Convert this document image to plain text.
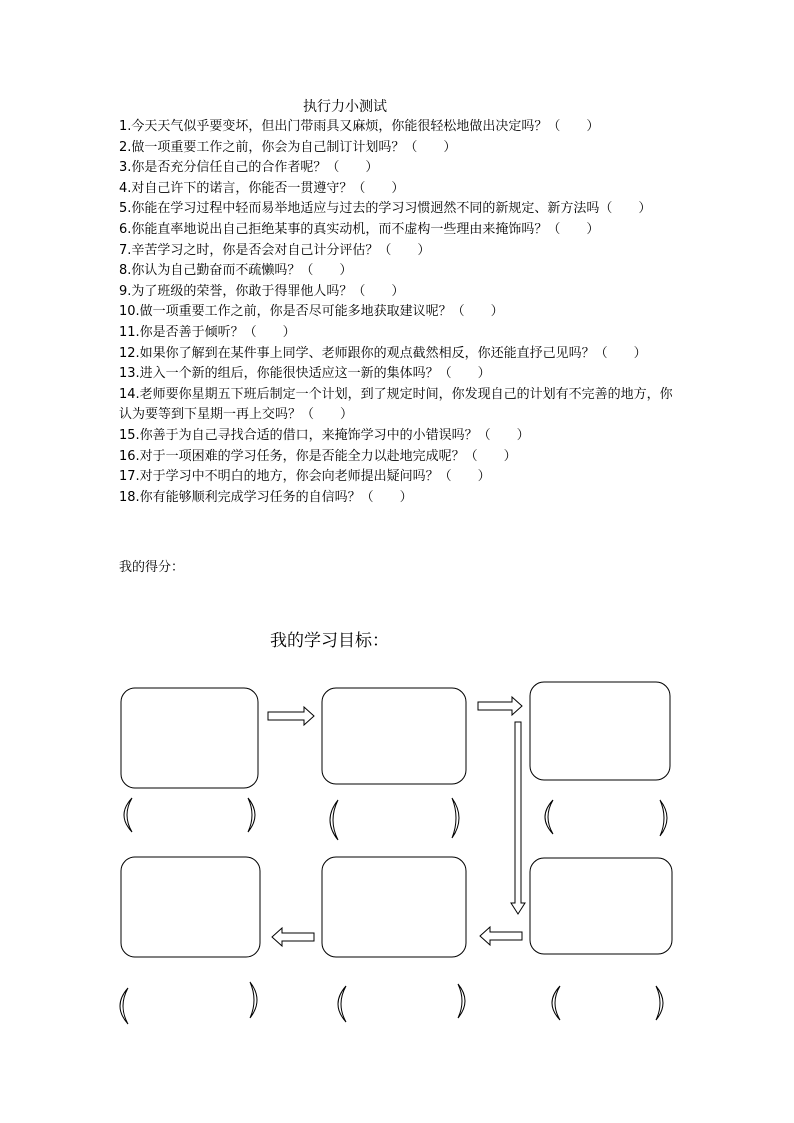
执行力小测试
1.今天天气似乎要变坏，但出门带雨具又麻烦，你能很轻松地做出决定吗？（　　）
2.做一项重要工作之前，你会为自己制订计划吗？（　　）
3.你是否充分信任自己的合作者呢？（　　）
4.对自己许下的诺言，你能否一贯遵守？（　　）
5.你能在学习过程中轻而易举地适应与过去的学习习惯迥然不同的新规定、新方法吗（　　）
6.你能直率地说出自己拒绝某事的真实动机，而不虚构一些理由来掩饰吗？（　　）
7.辛苦学习之时，你是否会对自己计分评估？（　　）
8.你认为自己勤奋而不疏懒吗？（　　）
9.为了班级的荣誉，你敢于得罪他人吗？（　　）
10.做一项重要工作之前，你是否尽可能多地获取建议呢？（　　）
11.你是否善于倾听？（　　）
12.如果你了解到在某件事上同学、老师跟你的观点截然相反，你还能直抒己见吗？（　　）
13.进入一个新的组后，你能很快适应这一新的集体吗？（　　）
14.老师要你星期五下班后制定一个计划，到了规定时间，你发现自己的计划有不完善的地方，你认为要等到下星期一再上交吗？（　　）
15.你善于为自己寻找合适的借口，来掩饰学习中的小错误吗？（　　）
16.对于一项困难的学习任务，你是否能全力以赴地完成呢？（　　）
17.对于学习中不明白的地方，你会向老师提出疑问吗？（　　）
18.你有能够顺利完成学习任务的自信吗？（　　）
我的得分：
我的学习目标：
